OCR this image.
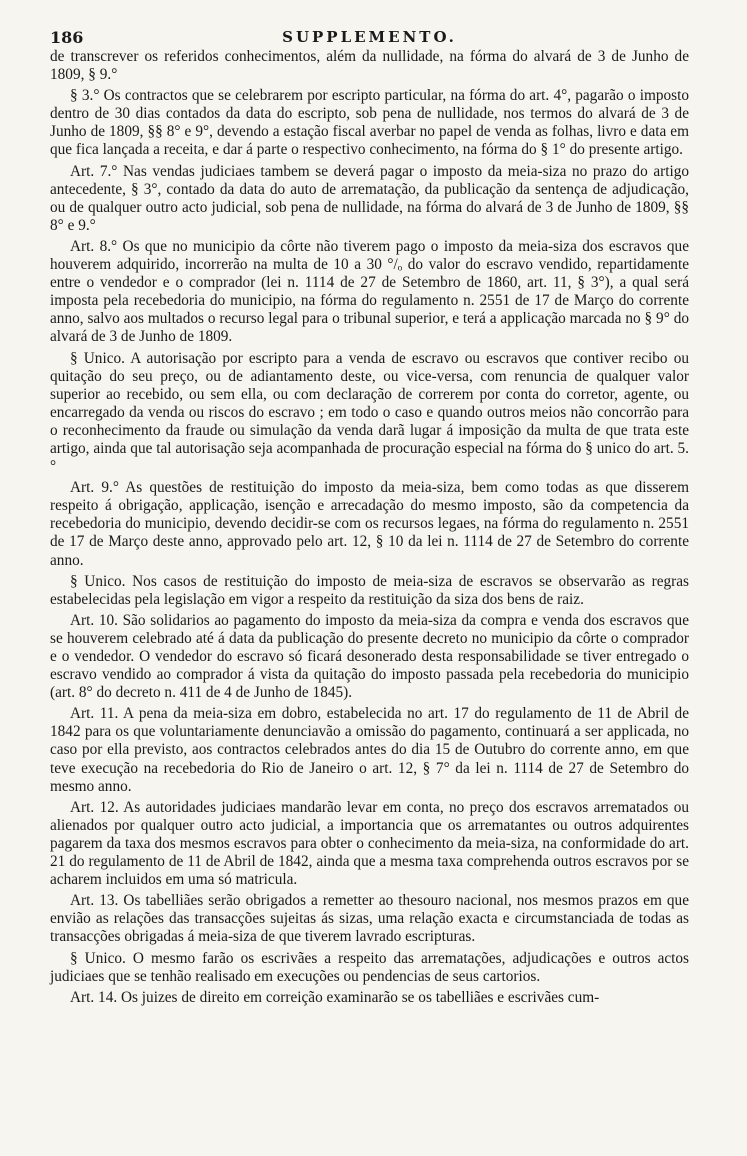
186	SUPPLEMENTO.

de transcrever os referidos conhecimentos, além da nullidade, na fórma do alvará de 3 de Junho de 1809, § 9.°

§ 3.° Os contractos que se celebrarem por escripto particular, na fórma do art. 4°, pagarão o imposto dentro de 30 dias contados da data do escripto, sob pena de nullidade, nos termos do alvará de 3 de Junho de 1809, §§ 8° e 9°, devendo a estação fiscal averbar no papel de venda as folhas, livro e data em que fica lançada a receita, e dar á parte o respectivo conhecimento, na fórma do § 1° do presente artigo.

Art. 7.° Nas vendas judiciaes tambem se deverá pagar o imposto da meia-siza no prazo do artigo antecedente, § 3°, contado da data do auto de arrematação, da publicação da sentença de adjudicação, ou de qualquer outro acto judicial, sob pena de nullidade, na fórma do alvará de 3 de Junho de 1809, §§ 8° e 9.°

Art. 8.° Os que no municipio da côrte não tiverem pago o imposto da meia-siza dos escravos que houverem adquirido, incorrerão na multa de 10 a 30 °/ₒ do valor do escravo vendido, repartidamente entre o vendedor e o comprador (lei n. 1114 de 27 de Setembro de 1860, art. 11, § 3°), a qual será imposta pela recebedoria do municipio, na fórma do regulamento n. 2551 de 17 de Março do corrente anno, salvo aos multados o recurso legal para o tribunal superior, e terá a applicação marcada no § 9° do alvará de 3 de Junho de 1809.

§ Unico. A autorisação por escripto para a venda de escravo ou escravos que contiver recibo ou quitação do seu preço, ou de adiantamento deste, ou vice-versa, com renuncia de qualquer valor superior ao recebido, ou sem ella, ou com declaração de correrem por conta do corretor, agente, ou encarregado da venda ou riscos do escravo ; em todo o caso e quando outros meios não concorrão para o reconhecimento da fraude ou simulação da venda darã lugar á imposição da multa de que trata este artigo, ainda que tal autorisação seja acompanhada de procuração especial na fórma do § unico do art. 5.°

Art. 9.° As questões de restituição do imposto da meia-siza, bem como todas as que disserem respeito á obrigação, applicação, isenção e arrecadação do mesmo imposto, são da competencia da recebedoria do municipio, devendo decidir-se com os recursos legaes, na fórma do regulamento n. 2551 de 17 de Março deste anno, approvado pelo art. 12, § 10 da lei n. 1114 de 27 de Setembro do corrente anno.

§ Unico. Nos casos de restituição do imposto de meia-siza de escravos se observarão as regras estabelecidas pela legislação em vigor a respeito da restituição da siza dos bens de raiz.

Art. 10. São solidarios ao pagamento do imposto da meia-siza da compra e venda dos escravos que se houverem celebrado até á data da publicação do presente decreto no municipio da côrte o comprador e o vendedor. O vendedor do escravo só ficará desonerado desta responsabilidade se tiver entregado o escravo vendido ao comprador á vista da quitação do imposto passada pela recebedoria do municipio (art. 8° do decreto n. 411 de 4 de Junho de 1845).

Art. 11. A pena da meia-siza em dobro, estabelecida no art. 17 do regulamento de 11 de Abril de 1842 para os que voluntariamente denunciavão a omissão do pagamento, continuará a ser applicada, no caso por ella previsto, aos contractos celebrados antes do dia 15 de Outubro do corrente anno, em que teve execução na recebedoria do Rio de Janeiro o art. 12, § 7° da lei n. 1114 de 27 de Setembro do mesmo anno.

Art. 12. As autoridades judiciaes mandarão levar em conta, no preço dos escravos arrematados ou alienados por qualquer outro acto judicial, a importancia que os arrematantes ou outros adquirentes pagarem da taxa dos mesmos escravos para obter o conhecimento da meia-siza, na conformidade do art. 21 do regulamento de 11 de Abril de 1842, ainda que a mesma taxa comprehenda outros escravos por se acharem incluidos em uma só matricula.

Art. 13. Os tabelliães serão obrigados a remetter ao thesouro nacional, nos mesmos prazos em que envião as relações das transacções sujeitas ás sizas, uma relação exacta e circumstanciada de todas as transacções obrigadas á meia-siza de que tiverem lavrado escripturas.

§ Unico. O mesmo farão os escrivães a respeito das arrematações, adjudicações e outros actos judiciaes que se tenhão realisado em execuções ou pendencias de seus cartorios.

Art. 14. Os juizes de direito em correição examinarão se os tabelliães e escrivães cum-
